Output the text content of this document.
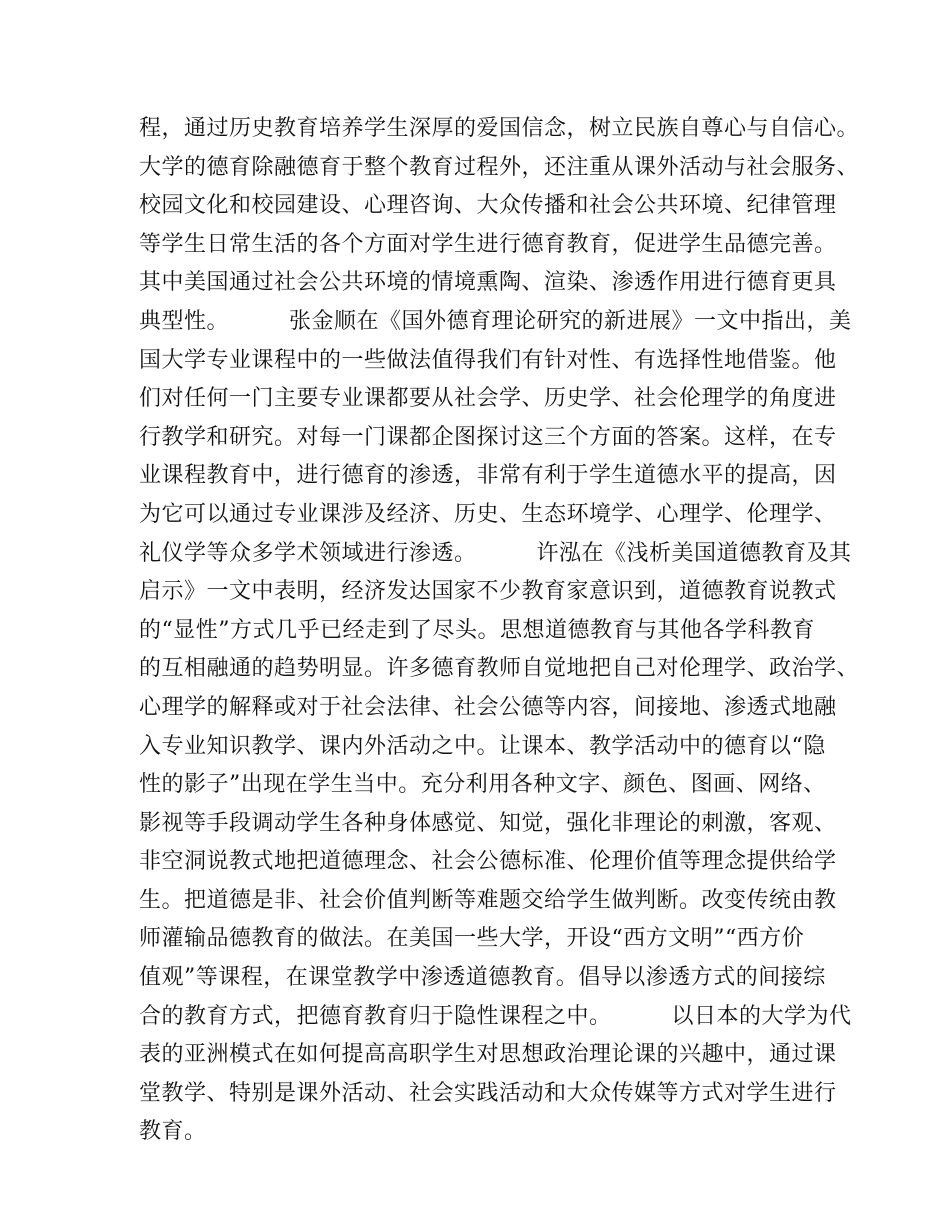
程，通过历史教育培养学生深厚的爱国信念，树立民族自尊心与自信心。
大学的德育除融德育于整个教育过程外，还注重从课外活动与社会服务、
校园文化和校园建设、心理咨询、大众传播和社会公共环境、纪律管理
等学生日常生活的各个方面对学生进行德育教育，促进学生品德完善。
其中美国通过社会公共环境的情境熏陶、渲染、渗透作用进行德育更具
典型性。        张金顺在《国外德育理论研究的新进展》一文中指出，美
国大学专业课程中的一些做法值得我们有针对性、有选择性地借鉴。他
们对任何一门主要专业课都要从社会学、历史学、社会伦理学的角度进
行教学和研究。对每一门课都企图探讨这三个方面的答案。这样，在专
业课程教育中，进行德育的渗透，非常有利于学生道德水平的提高，因
为它可以通过专业课涉及经济、历史、生态环境学、心理学、伦理学、
礼仪学等众多学术领域进行渗透。        许泓在《浅析美国道德教育及其
启示》一文中表明，经济发达国家不少教育家意识到，道德教育说教式
的“显性”方式几乎已经走到了尽头。思想道德教育与其他各学科教育
的互相融通的趋势明显。许多德育教师自觉地把自己对伦理学、政治学、
心理学的解释或对于社会法律、社会公德等内容，间接地、渗透式地融
入专业知识教学、课内外活动之中。让课本、教学活动中的德育以“隐
性的影子”出现在学生当中。充分利用各种文字、颜色、图画、网络、
影视等手段调动学生各种身体感觉、知觉，强化非理论的刺激，客观、
非空洞说教式地把道德理念、社会公德标准、伦理价值等理念提供给学
生。把道德是非、社会价值判断等难题交给学生做判断。改变传统由教
师灌输品德教育的做法。在美国一些大学，开设“西方文明”“西方价
值观”等课程，在课堂教学中渗透道德教育。倡导以渗透方式的间接综
合的教育方式，把德育教育归于隐性课程之中。        以日本的大学为代
表的亚洲模式在如何提高高职学生对思想政治理论课的兴趣中，通过课
堂教学、特别是课外活动、社会实践活动和大众传媒等方式对学生进行
教育。
